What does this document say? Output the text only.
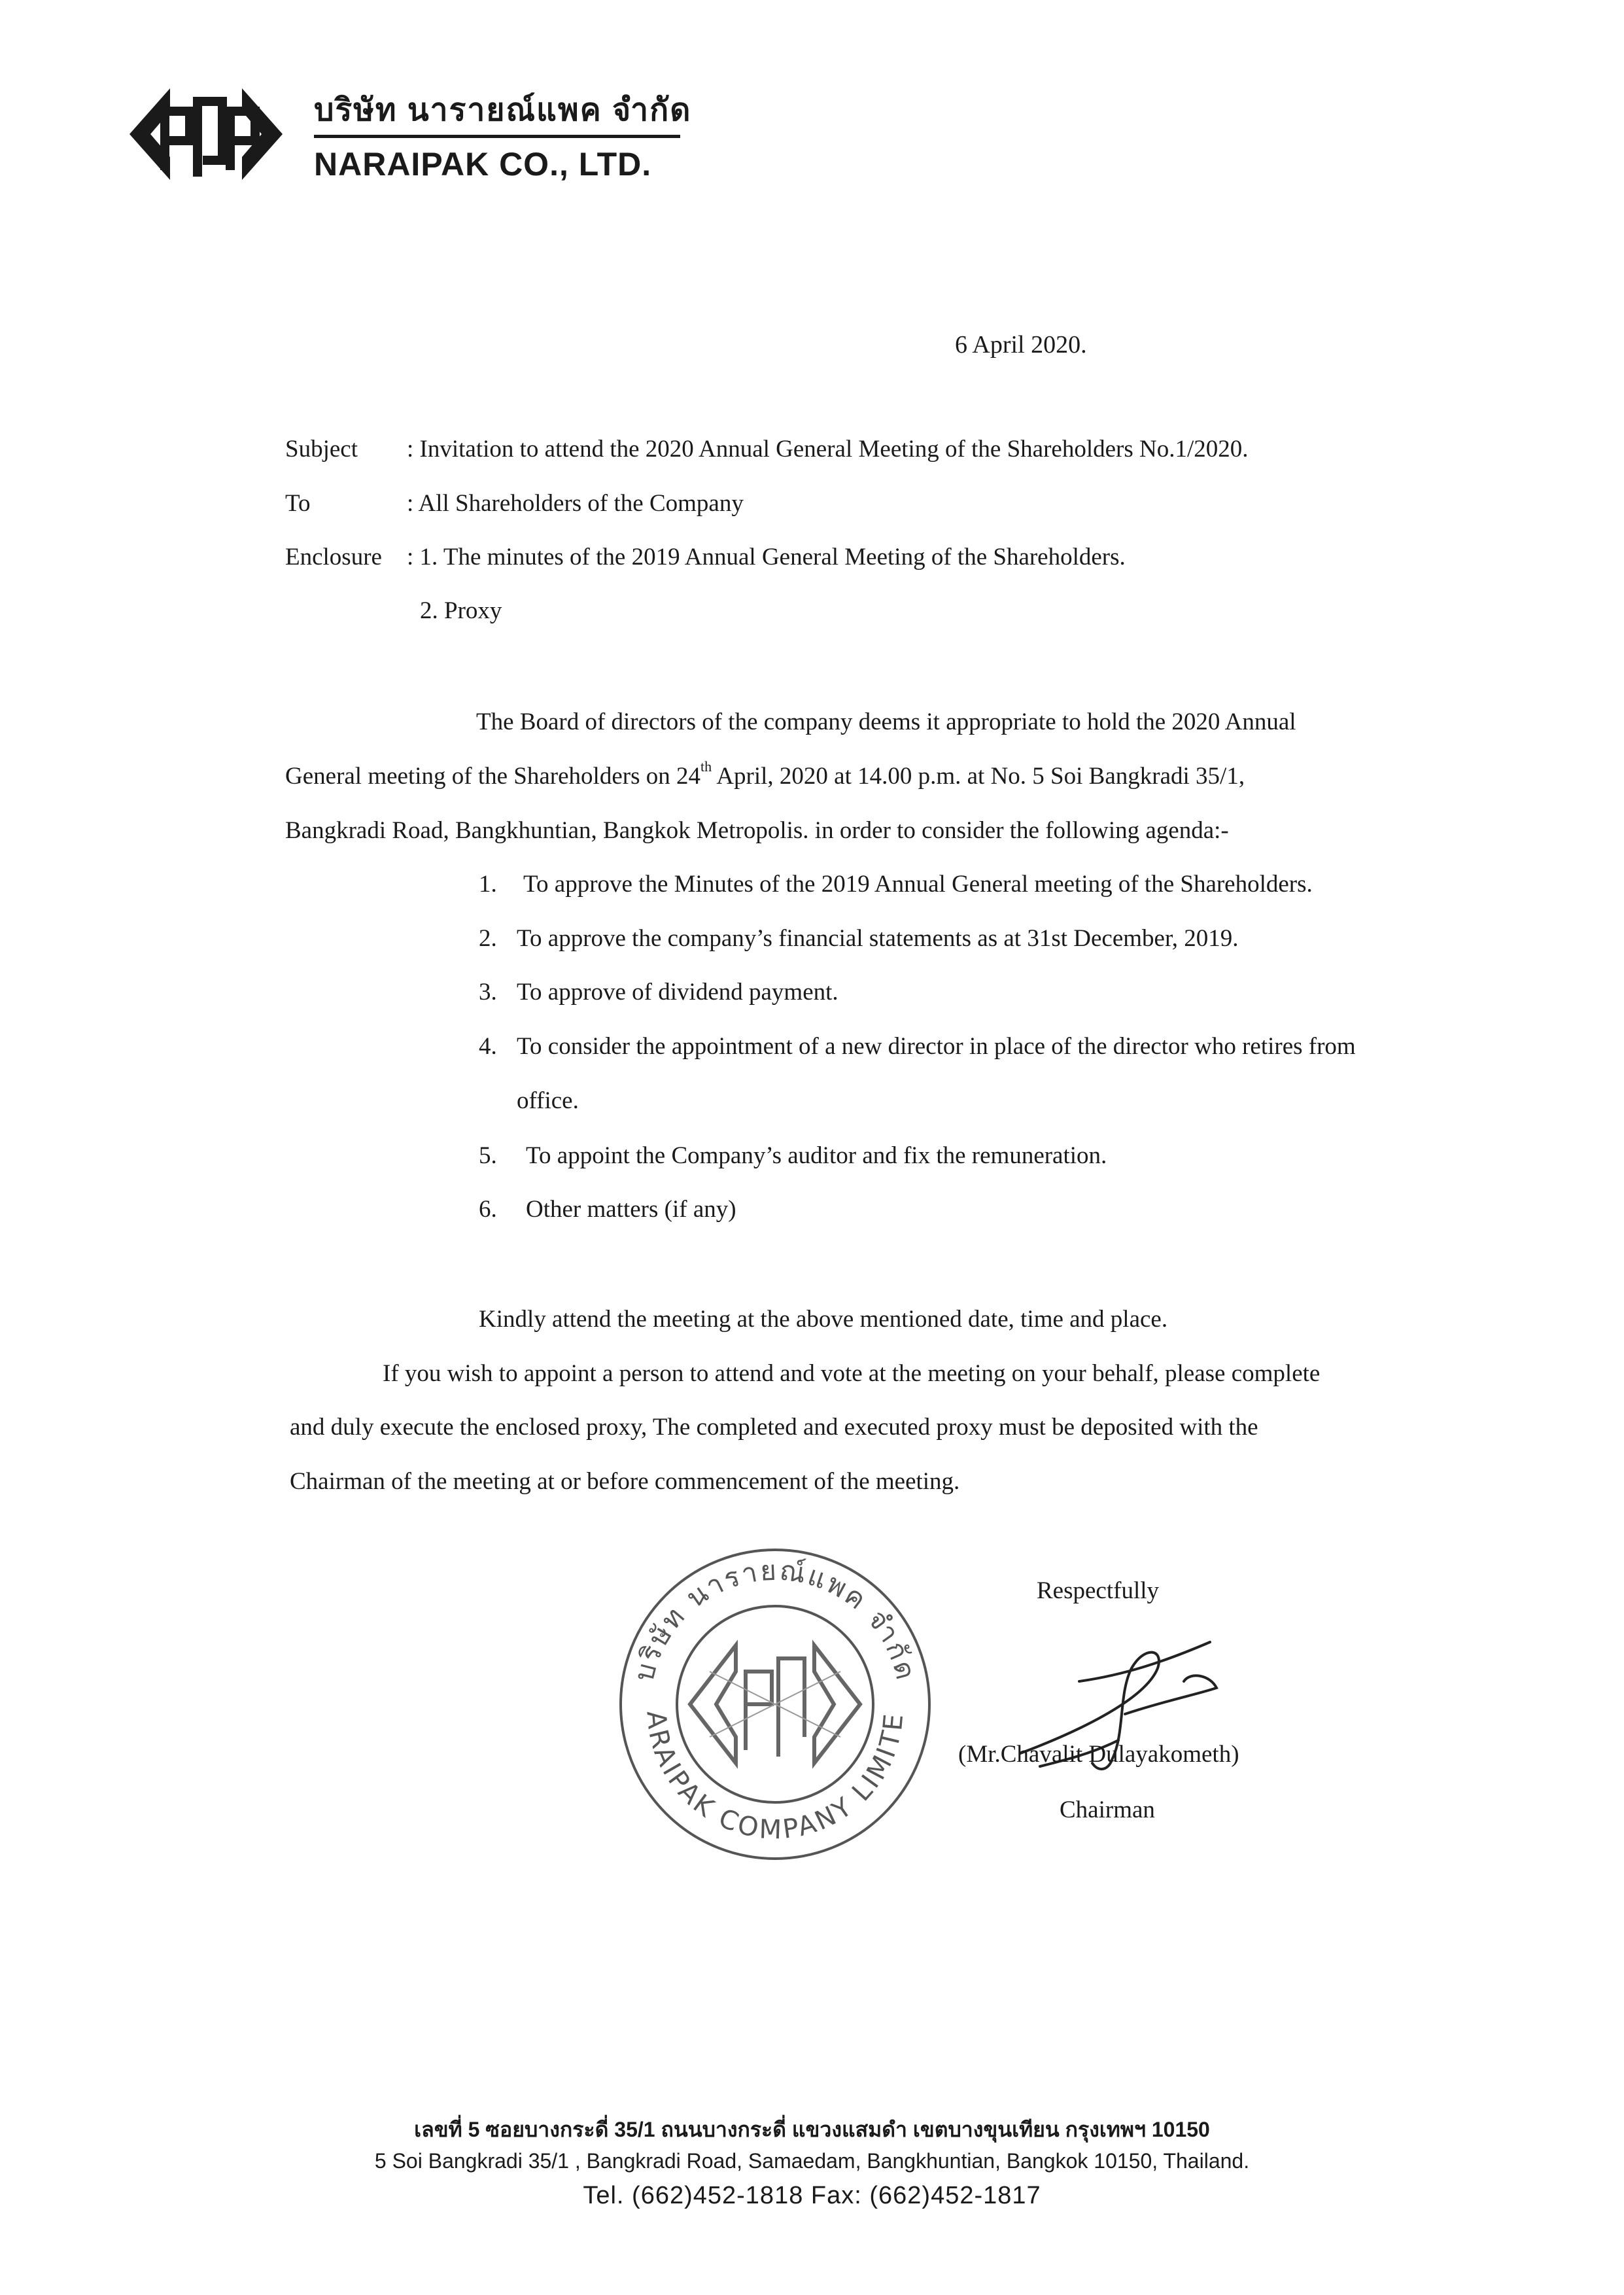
บริษัท นารายณ์แพค จำกัด
NARAIPAK CO., LTD.
6 April 2020.
Subject : Invitation to attend the 2020 Annual General Meeting of the Shareholders No.1/2020.
To	: All Shareholders of the Company
Enclosure : 1. The minutes of the 2019 Annual General Meeting of the Shareholders.
2. Proxy
The Board of directors of the company deems it appropriate to hold the 2020 Annual
General meeting of the Shareholders on 24th April, 2020 at 14.00 p.m. at No. 5 Soi Bangkradi 35/1,
Bangkradi Road, Bangkhuntian, Bangkok Metropolis. in order to consider the following agenda:-
1. To approve the Minutes of the 2019 Annual General meeting of the Shareholders.
2. To approve the company’s financial statements as at 31st December, 2019.
3. To approve of dividend payment.
4. To consider the appointment of a new director in place of the director who retires from
office.
5. To appoint the Company’s auditor and fix the remuneration.
6. Other matters (if any)
Kindly attend the meeting at the above mentioned date, time and place.
If you wish to appoint a person to attend and vote at the meeting on your behalf, please complete
and duly execute the enclosed proxy, The completed and executed proxy must be deposited with the
Chairman of the meeting at or before commencement of the meeting.
บริษัท นารายณ์แพค จำกัด
ARAIPAK COMPANY LIMITE
Respectfully
(Mr.Chavalit Dulayakometh)
Chairman
เลขที่ 5 ซอยบางกระดี่ 35/1 ถนนบางกระดี่ แขวงแสมดำ เขตบางขุนเทียน กรุงเทพฯ 10150
5 Soi Bangkradi 35/1 , Bangkradi Road, Samaedam, Bangkhuntian, Bangkok 10150, Thailand.
Tel. (662)452-1818 Fax: (662)452-1817
